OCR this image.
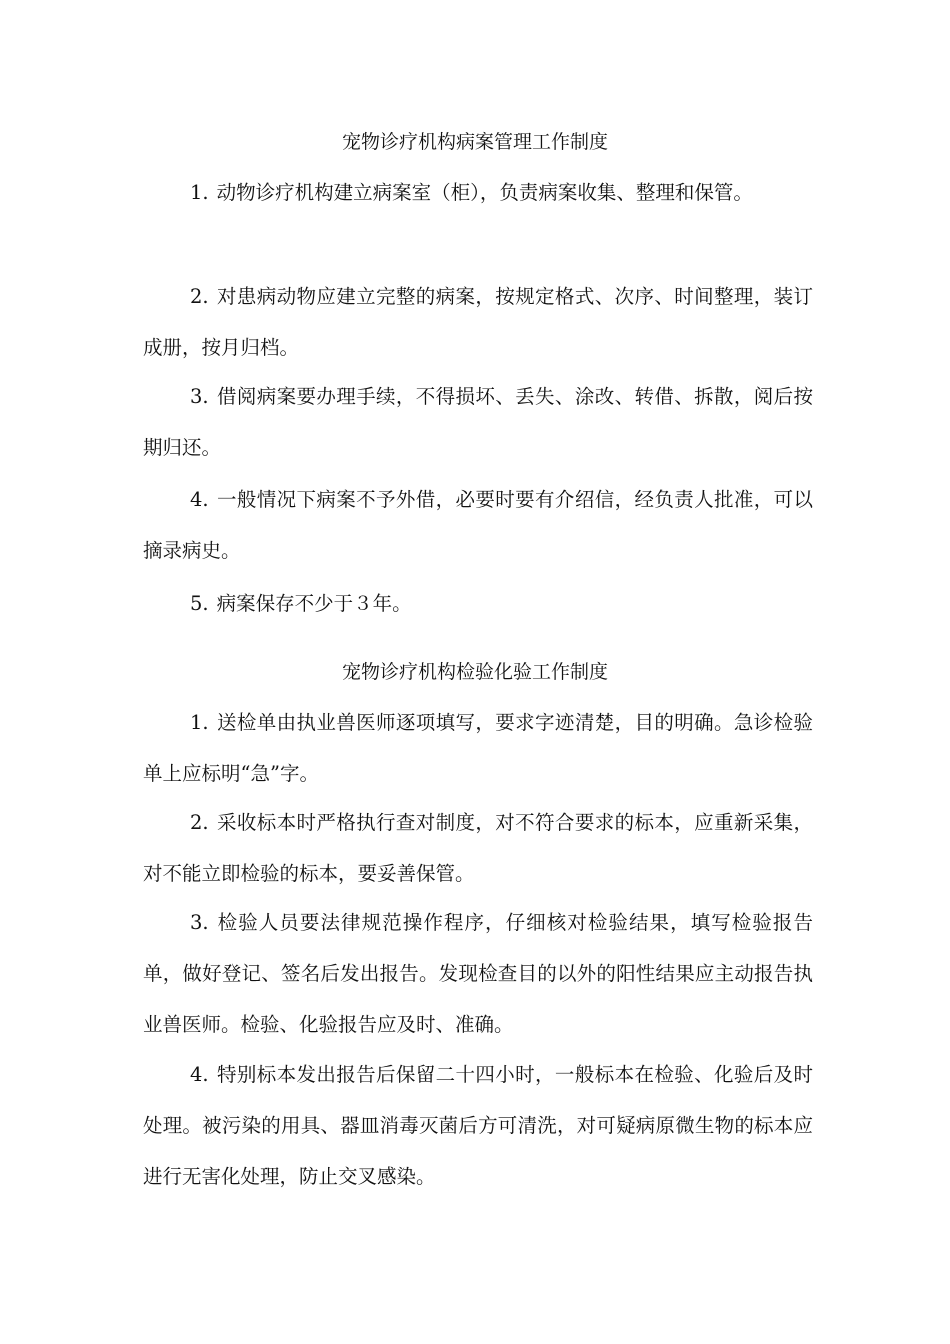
宠物诊疗机构病案管理工作制度

1. 动物诊疗机构建立病案室（柜），负责病案收集、整理和保管。

2. 对患病动物应建立完整的病案，按规定格式、次序、时间整理，装订成册，按月归档。

3. 借阅病案要办理手续，不得损坏、丢失、涂改、转借、拆散，阅后按期归还。

4. 一般情况下病案不予外借，必要时要有介绍信，经负责人批准，可以摘录病史。

5. 病案保存不少于３年。

宠物诊疗机构检验化验工作制度

1. 送检单由执业兽医师逐项填写，要求字迹清楚，目的明确。急诊检验单上应标明“急”字。

2. 采收标本时严格执行查对制度，对不符合要求的标本，应重新采集，对不能立即检验的标本，要妥善保管。

3. 检验人员要法律规范操作程序，仔细核对检验结果，填写检验报告单，做好登记、签名后发出报告。发现检查目的以外的阳性结果应主动报告执业兽医师。检验、化验报告应及时、准确。

4. 特别标本发出报告后保留二十四小时，一般标本在检验、化验后及时处理。被污染的用具、器皿消毒灭菌后方可清洗，对可疑病原微生物的标本应进行无害化处理，防止交叉感染。
